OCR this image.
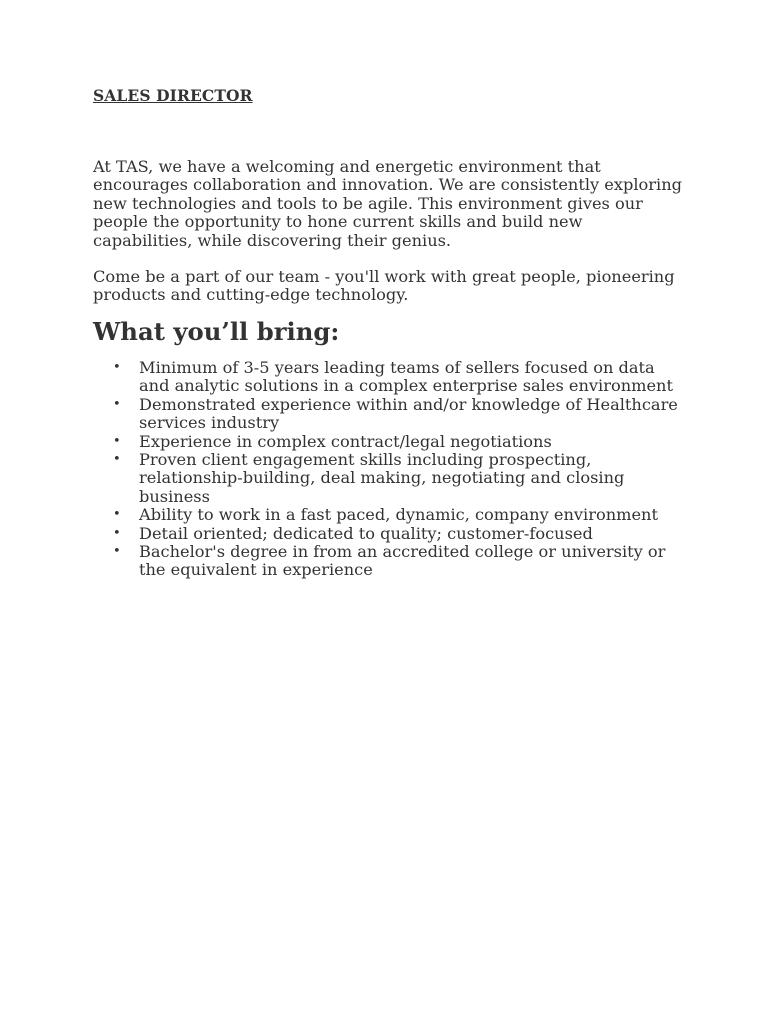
SALES DIRECTOR

At TAS, we have a welcoming and energetic environment that encourages collaboration and innovation. We are consistently exploring new technologies and tools to be agile. This environment gives our people the opportunity to hone current skills and build new capabilities, while discovering their genius.

Come be a part of our team - you'll work with great people, pioneering products and cutting-edge technology.

What you’ll bring:
• Minimum of 3-5 years leading teams of sellers focused on data and analytic solutions in a complex enterprise sales environment
• Demonstrated experience within and/or knowledge of Healthcare services industry
• Experience in complex contract/legal negotiations
• Proven client engagement skills including prospecting, relationship-building, deal making, negotiating and closing business
• Ability to work in a fast paced, dynamic, company environment
• Detail oriented; dedicated to quality; customer-focused
• Bachelor's degree in from an accredited college or university or the equivalent in experience
